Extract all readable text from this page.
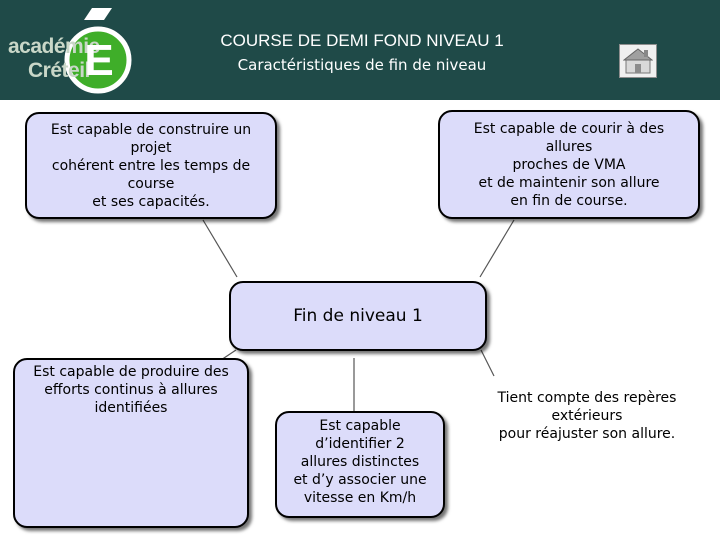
académie
Créteil
E	COURSE DE DEMI FOND NIVEAU 1
Caractéristiques de fin de niveau
Est capable de construire un
projet
cohérent entre les temps de
course
et ses capacités.
Est capable de courir à des
allures
proches de VMA
et de maintenir son allure
en fin de course.
Fin de niveau 1
Est capable de produire des
efforts continus à allures
identifiées
Est capable
d’identifier 2
allures distinctes
et d’y associer une
vitesse en Km/h
Tient compte des repères
extérieurs
pour réajuster son allure.
